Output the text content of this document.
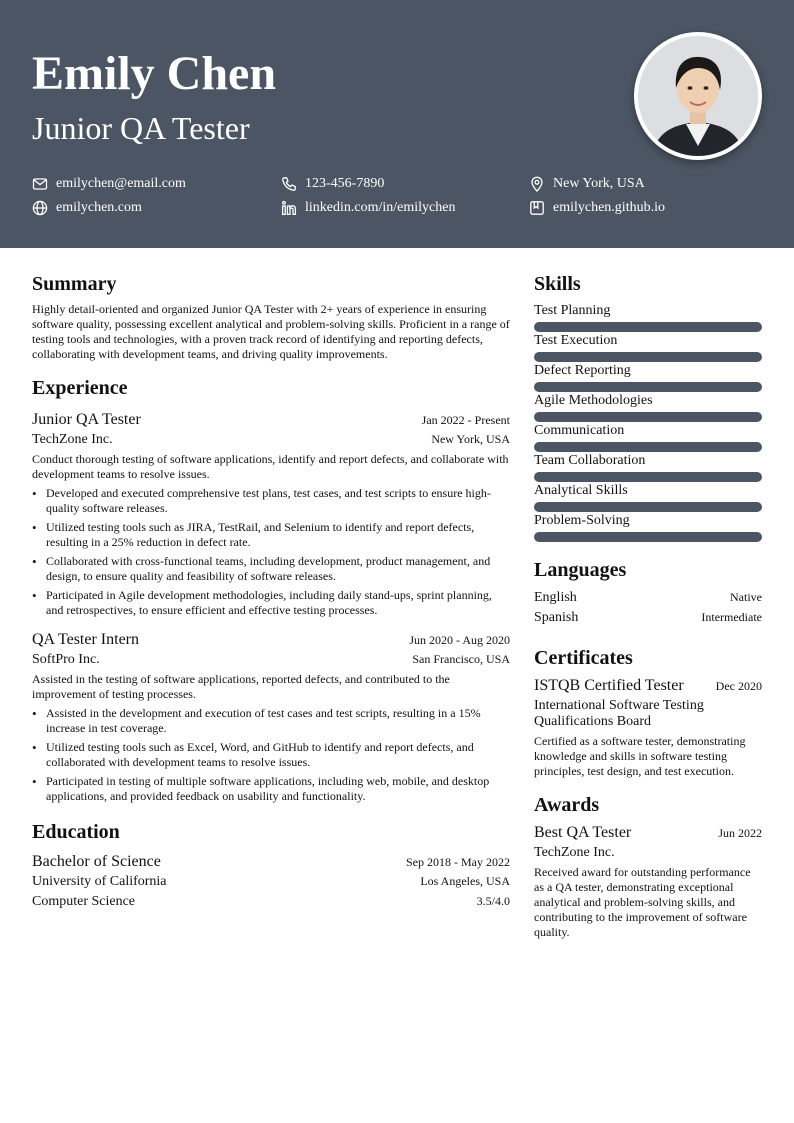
Emily Chen
Junior QA Tester
emilychen@email.com	123-456-7890	New York, USA
emilychen.com	linkedin.com/in/emilychen	emilychen.github.io
Summary

Highly detail-oriented and organized Junior QA Tester with 2+ years of experience in ensuring software quality, possessing excellent analytical and problem-solving skills. Proficient in a range of testing tools and technologies, with a proven track record of identifying and reporting defects, collaborating with development teams, and driving quality improvements.

Experience
Junior QA Tester	Jan 2022 - Present
TechZone Inc.	New York, USA

Conduct thorough testing of software applications, identify and report defects, and collaborate with development teams to resolve issues.

• Developed and executed comprehensive test plans, test cases, and test scripts to ensure high-quality software releases.
• Utilized testing tools such as JIRA, TestRail, and Selenium to identify and report defects, resulting in a 25% reduction in defect rate.
• Collaborated with cross-functional teams, including development, product management, and design, to ensure quality and feasibility of software releases.
• Participated in Agile development methodologies, including daily stand-ups, sprint planning, and retrospectives, to ensure efficient and effective testing processes.
QA Tester Intern	Jun 2020 - Aug 2020
SoftPro Inc.	San Francisco, USA

Assisted in the testing of software applications, reported defects, and contributed to the improvement of testing processes.

• Assisted in the development and execution of test cases and test scripts, resulting in a 15% increase in test coverage.
• Utilized testing tools such as Excel, Word, and GitHub to identify and report defects, and collaborated with development teams to resolve issues.
• Participated in testing of multiple software applications, including web, mobile, and desktop applications, and provided feedback on usability and functionality.
Education
Bachelor of Science	Sep 2018 - May 2022
University of California	Los Angeles, USA
Computer Science	3.5/4.0
Skills
Test Planning
Test Execution
Defect Reporting
Agile Methodologies
Communication
Team Collaboration
Analytical Skills
Problem-Solving
Languages
English	Native
Spanish	Intermediate
Certificates
ISTQB Certified Tester	Dec 2020
International Software Testing Qualifications Board

Certified as a software tester, demonstrating knowledge and skills in software testing principles, test design, and test execution.

Awards
Best QA Tester	Jun 2022
TechZone Inc.

Received award for outstanding performance as a QA tester, demonstrating exceptional analytical and problem-solving skills, and contributing to the improvement of software quality.
